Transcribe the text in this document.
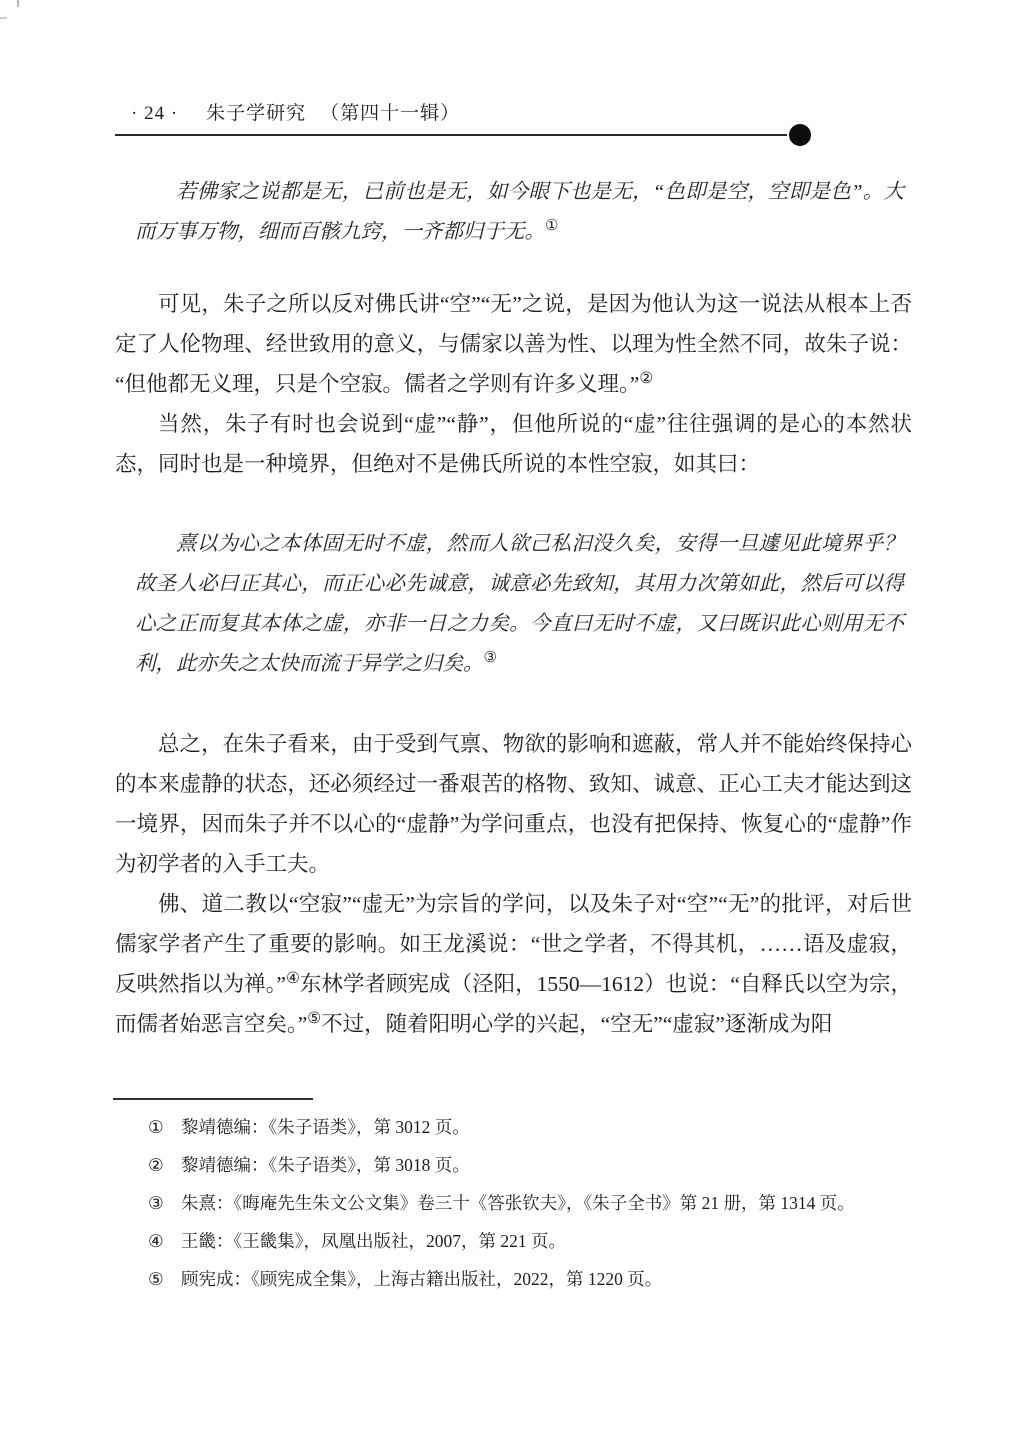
· 24 · 朱子学研究 （第四十一辑）
若佛家之说都是无，已前也是无，如今眼下也是无，“色即是空，空即是色”。大而万事万物，细而百骸九窍，一齐都归于无。①

可见，朱子之所以反对佛氏讲“空”“无”之说，是因为他认为这一说法从根本上否定了人伦物理、经世致用的意义，与儒家以善为性、以理为性全然不同，故朱子说：“但他都无义理，只是个空寂。儒者之学则有许多义理。”②

当然，朱子有时也会说到“虚”“静”，但他所说的“虚”往往强调的是心的本然状态，同时也是一种境界，但绝对不是佛氏所说的本性空寂，如其曰：

熹以为心之本体固无时不虚，然而人欲己私汩没久矣，安得一旦遽见此境界乎？故圣人必曰正其心，而正心必先诚意，诚意必先致知，其用力次第如此，然后可以得心之正而复其本体之虚，亦非一日之力矣。今直曰无时不虚，又曰既识此心则用无不利，此亦失之太快而流于异学之归矣。③

总之，在朱子看来，由于受到气禀、物欲的影响和遮蔽，常人并不能始终保持心的本来虚静的状态，还必须经过一番艰苦的格物、致知、诚意、正心工夫才能达到这一境界，因而朱子并不以心的“虚静”为学问重点，也没有把保持、恢复心的“虚静”作为初学者的入手工夫。

佛、道二教以“空寂”“虚无”为宗旨的学问，以及朱子对“空”“无”的批评，对后世儒家学者产生了重要的影响。如王龙溪说：“世之学者，不得其机，……语及虚寂，反哄然指以为禅。”④东林学者顾宪成（泾阳，1550—1612）也说：“自释氏以空为宗，而儒者始恶言空矣。”⑤不过，随着阳明心学的兴起，“空无”“虚寂”逐渐成为阳

① 黎靖德编：《朱子语类》，第 3012 页。
② 黎靖德编：《朱子语类》，第 3018 页。
③ 朱熹：《晦庵先生朱文公文集》卷三十《答张钦夫》，《朱子全书》第 21 册，第 1314 页。
④ 王畿：《王畿集》，凤凰出版社，2007，第 221 页。
⑤ 顾宪成：《顾宪成全集》，上海古籍出版社，2022，第 1220 页。
